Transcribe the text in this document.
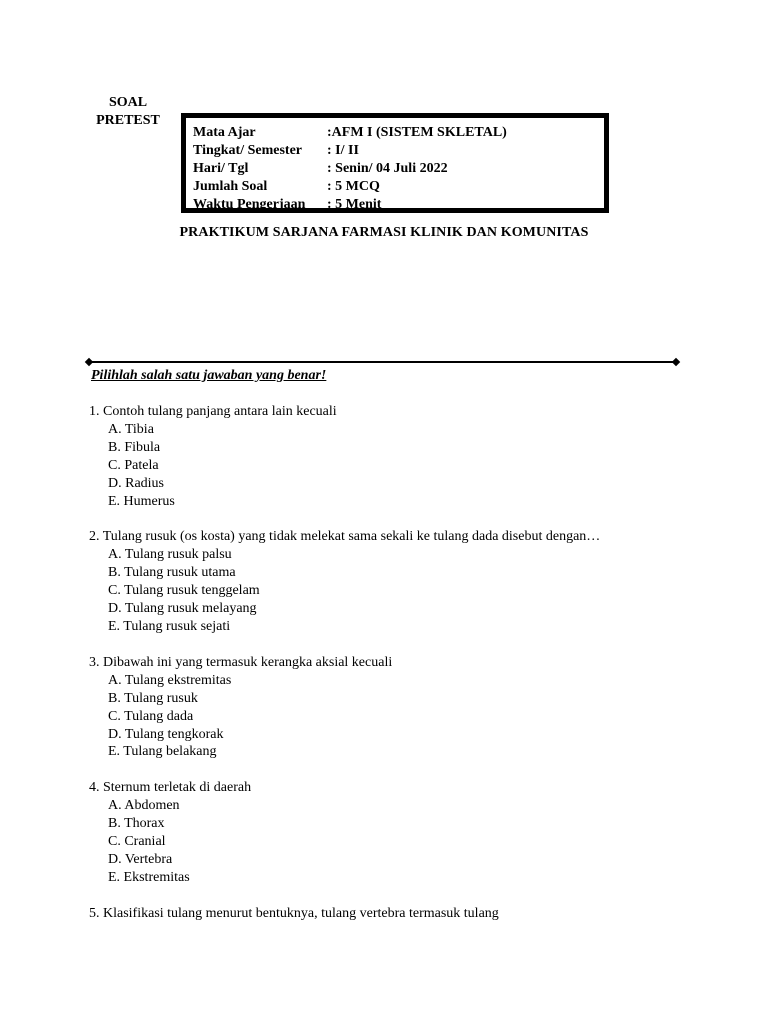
SOAL
PRETEST
Mata Ajar	:AFM I (SISTEM SKLETAL)
Tingkat/ Semester	: I/ II
Hari/ Tgl	: Senin/ 04 Juli 2022
Jumlah Soal	: 5 MCQ
Waktu Pengerjaan	: 5 Menit
PRAKTIKUM SARJANA FARMASI KLINIK DAN KOMUNITAS
Pilihlah salah satu jawaban yang benar!
1. Contoh tulang panjang antara lain kecuali
A. Tibia
B. Fibula
C. Patela
D. Radius
E. Humerus
2. Tulang rusuk (os kosta) yang tidak melekat sama sekali ke tulang dada disebut dengan…
A. Tulang rusuk palsu
B. Tulang rusuk utama
C. Tulang rusuk tenggelam
D. Tulang rusuk melayang
E. Tulang rusuk sejati
3. Dibawah ini yang termasuk kerangka aksial kecuali
A. Tulang ekstremitas
B. Tulang rusuk
C. Tulang dada
D. Tulang tengkorak
E. Tulang belakang
4. Sternum terletak di daerah
A. Abdomen
B. Thorax
C. Cranial
D. Vertebra
E. Ekstremitas
5. Klasifikasi tulang menurut bentuknya, tulang vertebra termasuk tulang
